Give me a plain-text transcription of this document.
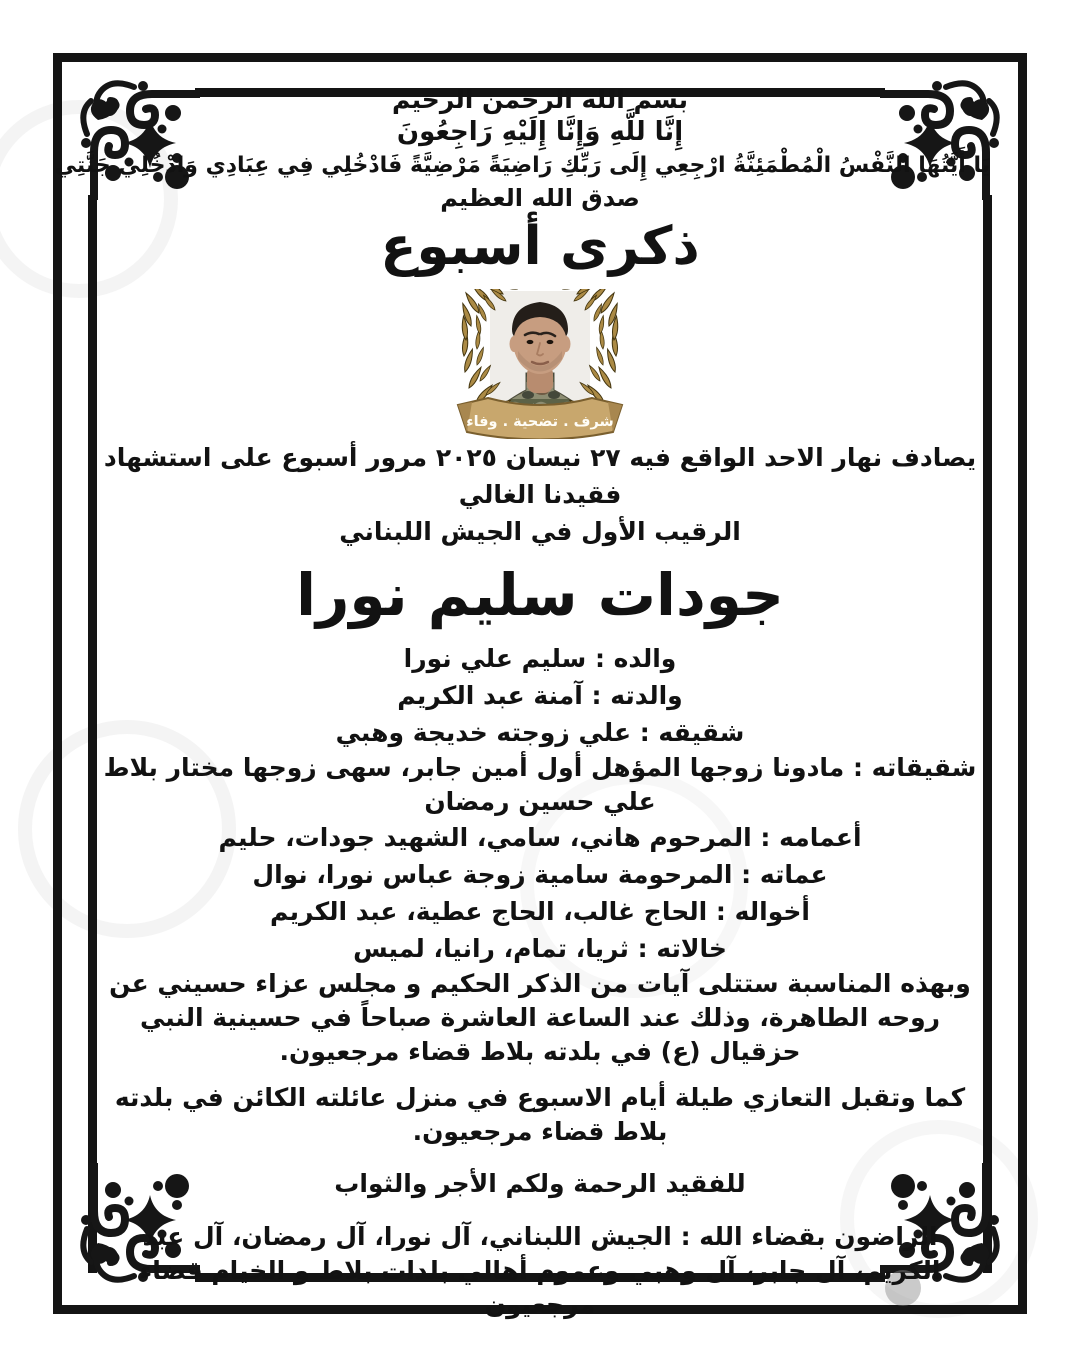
بسم الله الرحمن الرحيم
إِنَّا للَّهِ وَإِنَّا إِلَيْهِ رَاجِعُونَ
يَا أَيَّتُهَا النَّفْسُ الْمُطْمَئِنَّةُ ارْجِعِي إِلَى رَبِّكِ رَاضِيَةً مَرْضِيَّةً فَادْخُلِي فِي عِبَادِي وَادْخُلِي جَنَّتِي
صدق الله العظيم
ذكرى أسبوع
شرف . تضحية . وفاء
يصادف نهار الاحد الواقع فيه ٢٧ نيسان ٢٠٢٥ مرور أسبوع على استشهاد فقيدنا الغالي
الرقيب الأول في الجيش اللبناني
جودات سليم نورا
والده : سليم علي نورا
والدته : آمنة عبد الكريم
شقيقه : علي زوجته خديجة وهبي
شقيقاته : مادونا زوجها المؤهل أول أمين جابر، سهى زوجها مختار بلاط علي حسين رمضان
أعمامه : المرحوم هاني، سامي، الشهيد جودات، حليم
عماته : المرحومة سامية زوجة عباس نورا، نوال
أخواله : الحاج غالب، الحاج عطية، عبد الكريم
خالاته : ثريا، تمام، رانيا، لميس
وبهذه المناسبة ستتلى آيات من الذكر الحكيم و مجلس عزاء حسيني عن روحه الطاهرة، وذلك عند الساعة العاشرة صباحاً في حسينية النبي حزقيال (ع) في بلدته بلاط قضاء مرجعيون.
كما وتقبل التعازي طيلة أيام الاسبوع في منزل عائلته الكائن في بلدته بلاط قضاء مرجعيون.
للفقيد الرحمة ولكم الأجر والثواب
الراضون بقضاء الله : الجيش اللبناني، آل نورا، آل رمضان، آل عبد الكريم، آل جابر، آل وهبي وعموم أهالي بلدات بلاط و الخيام قضاء مرجعيون
